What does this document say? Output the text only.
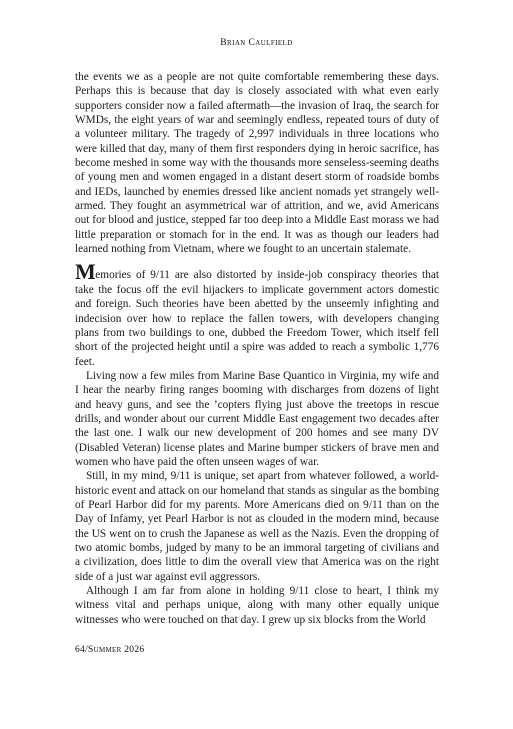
Brian Caulfield

the events we as a people are not quite comfortable remembering these days. Perhaps this is because that day is closely associated with what even early supporters consider now a failed aftermath—the invasion of Iraq, the search for WMDs, the eight years of war and seemingly endless, repeated tours of duty of a volunteer military. The tragedy of 2,997 individuals in three locations who were killed that day, many of them first responders dying in heroic sacrifice, has become meshed in some way with the thousands more senseless-seeming deaths of young men and women engaged in a distant desert storm of roadside bombs and IEDs, launched by enemies dressed like ancient nomads yet strangely well-armed. They fought an asymmetrical war of attrition, and we, avid Americans out for blood and justice, stepped far too deep into a Middle East morass we had little preparation or stomach for in the end. It was as though our leaders had learned nothing from Vietnam, where we fought to an uncertain stalemate.

Memories of 9/11 are also distorted by inside-job conspiracy theories that take the focus off the evil hijackers to implicate government actors domestic and foreign. Such theories have been abetted by the unseemly infighting and indecision over how to replace the fallen towers, with developers changing plans from two buildings to one, dubbed the Freedom Tower, which itself fell short of the projected height until a spire was added to reach a symbolic 1,776 feet.

Living now a few miles from Marine Base Quantico in Virginia, my wife and I hear the nearby firing ranges booming with discharges from dozens of light and heavy guns, and see the ’copters flying just above the treetops in rescue drills, and wonder about our current Middle East engagement two decades after the last one. I walk our new development of 200 homes and see many DV (Disabled Veteran) license plates and Marine bumper stickers of brave men and women who have paid the often unseen wages of war.

Still, in my mind, 9/11 is unique, set apart from whatever followed, a world-historic event and attack on our homeland that stands as singular as the bombing of Pearl Harbor did for my parents. More Americans died on 9/11 than on the Day of Infamy, yet Pearl Harbor is not as clouded in the modern mind, because the US went on to crush the Japanese as well as the Nazis. Even the dropping of two atomic bombs, judged by many to be an immoral targeting of civilians and a civilization, does little to dim the overall view that America was on the right side of a just war against evil aggressors.

Although I am far from alone in holding 9/11 close to heart, I think my witness vital and perhaps unique, along with many other equally unique witnesses who were touched on that day. I grew up six blocks from the World

64/Summer 2026
